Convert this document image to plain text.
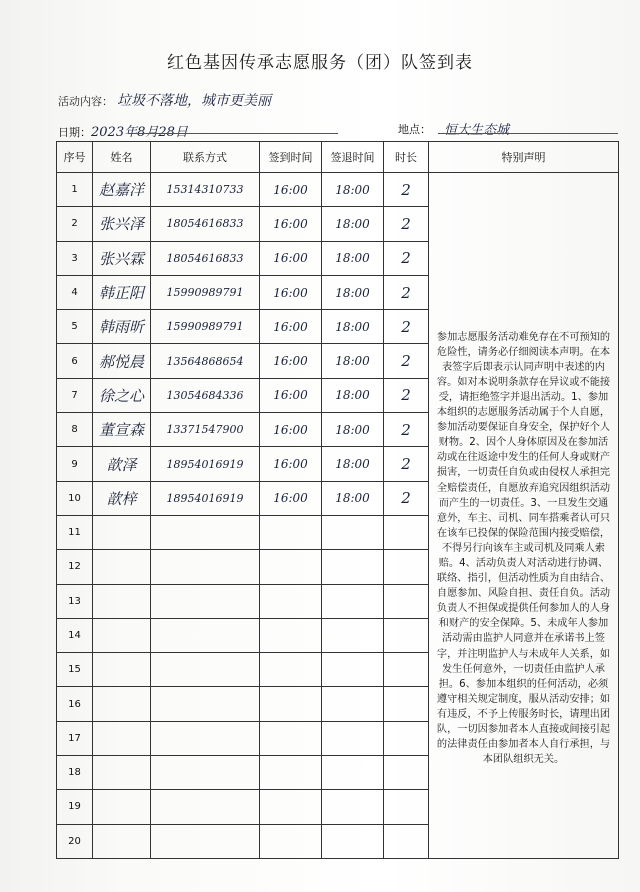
红色基因传承志愿服务（团）队签到表
活动内容： 垃圾不落地，城市更美丽
日期：2023年8月28日	地点： 恒大生态城
序号	姓名	联系方式	签到时间	签退时间	时长	特别声明
1	赵嘉洋	15314310733	16:00	18:00	2	参加志愿服务活动难免存在不可预知的危险性，请务必仔细阅读本声明。在本表签字后即表示认同声明中表述的内容。如对本说明条款存在异议或不能接受，请拒绝签字并退出活动。1、参加本组织的志愿服务活动属于个人自愿，参加活动要保证自身安全，保护好个人财物。2、因个人身体原因及在参加活动或在往返途中发生的任何人身或财产损害，一切责任自负或由侵权人承担完全赔偿责任，自愿放弃追究因组织活动而产生的一切责任。3、一旦发生交通意外，车主、司机、同车搭乘者认可只在该车已投保的保险范围内接受赔偿，不得另行向该车主或司机及同乘人索赔。4、活动负责人对活动进行协调、联络、指引，但活动性质为自由结合、自愿参加、风险自担、责任自负。活动负责人不担保或提供任何参加人的人身和财产的安全保障。5、未成年人参加活动需由监护人同意并在承诺书上签字，并注明监护人与未成年人关系，如发生任何意外，一切责任由监护人承担。6、参加本组织的任何活动，必须遵守相关规定制度，服从活动安排；如有违反，不予上传服务时长，请理出团队，一切因参加者本人直接或间接引起的法律责任由参加者本人自行承担，与本团队组织无关。
2	张兴泽	18054616833	16:00	18:00	2	
3	张兴霖	18054616833	16:00	18:00	2	
4	韩正阳	15990989791	16:00	18:00	2	
5	韩雨昕	15990989791	16:00	18:00	2	
6	郝悦晨	13564868654	16:00	18:00	2	
7	徐之心	13054684336	16:00	18:00	2	
8	董宣森	13371547900	16:00	18:00	2	
9	歆泽	18954016919	16:00	18:00	2	
10	歆梓	18954016919	16:00	18:00	2	
11						
12						
13						
14						
15						
16						
17						
18						
19						
20						
